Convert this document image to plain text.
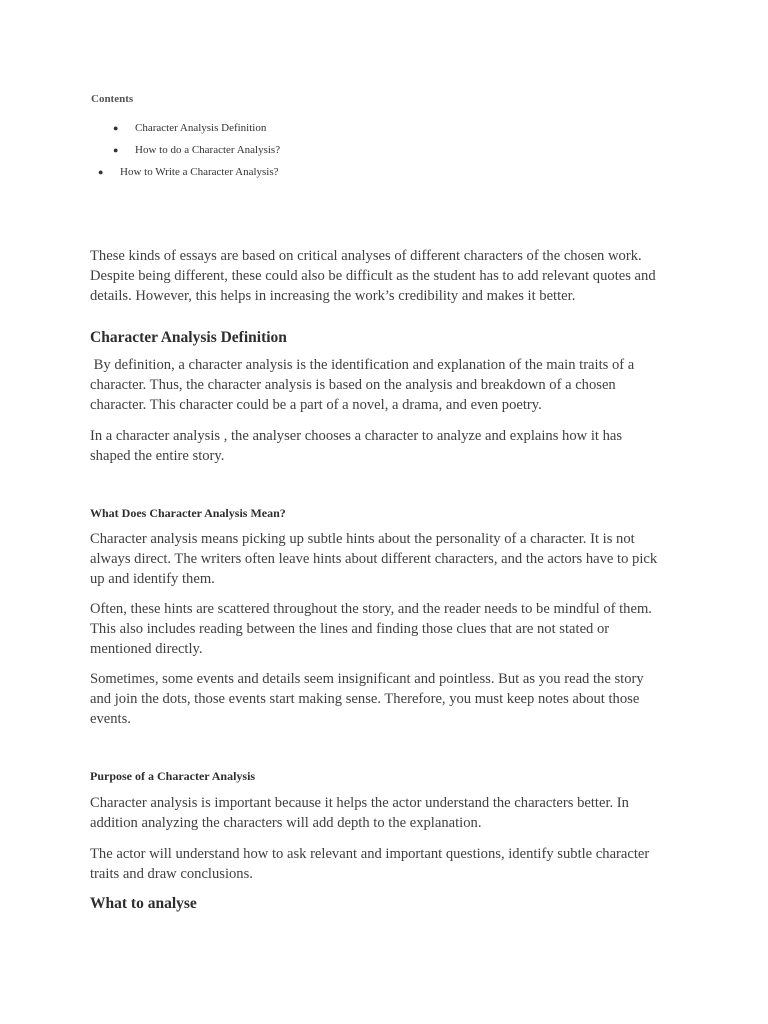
Contents
● Character Analysis Definition
● How to do a Character Analysis?
● How to Write a Character Analysis?
These kinds of essays are based on critical analyses of different characters of the chosen work.
Despite being different, these could also be difficult as the student has to add relevant quotes and
details. However, this helps in increasing the work’s credibility and makes it better.
Character Analysis Definition
By definition, a character analysis is the identification and explanation of the main traits of a
character. Thus, the character analysis is based on the analysis and breakdown of a chosen
character. This character could be a part of a novel, a drama, and even poetry.
In a character analysis , the analyser chooses a character to analyze and explains how it has
shaped the entire story.
What Does Character Analysis Mean?
Character analysis means picking up subtle hints about the personality of a character. It is not
always direct. The writers often leave hints about different characters, and the actors have to pick
up and identify them.
Often, these hints are scattered throughout the story, and the reader needs to be mindful of them.
This also includes reading between the lines and finding those clues that are not stated or
mentioned directly.
Sometimes, some events and details seem insignificant and pointless. But as you read the story
and join the dots, those events start making sense. Therefore, you must keep notes about those
events.
Purpose of a Character Analysis
Character analysis is important because it helps the actor understand the characters better. In
addition analyzing the characters will add depth to the explanation.
The actor will understand how to ask relevant and important questions, identify subtle character
traits and draw conclusions.
What to analyse
